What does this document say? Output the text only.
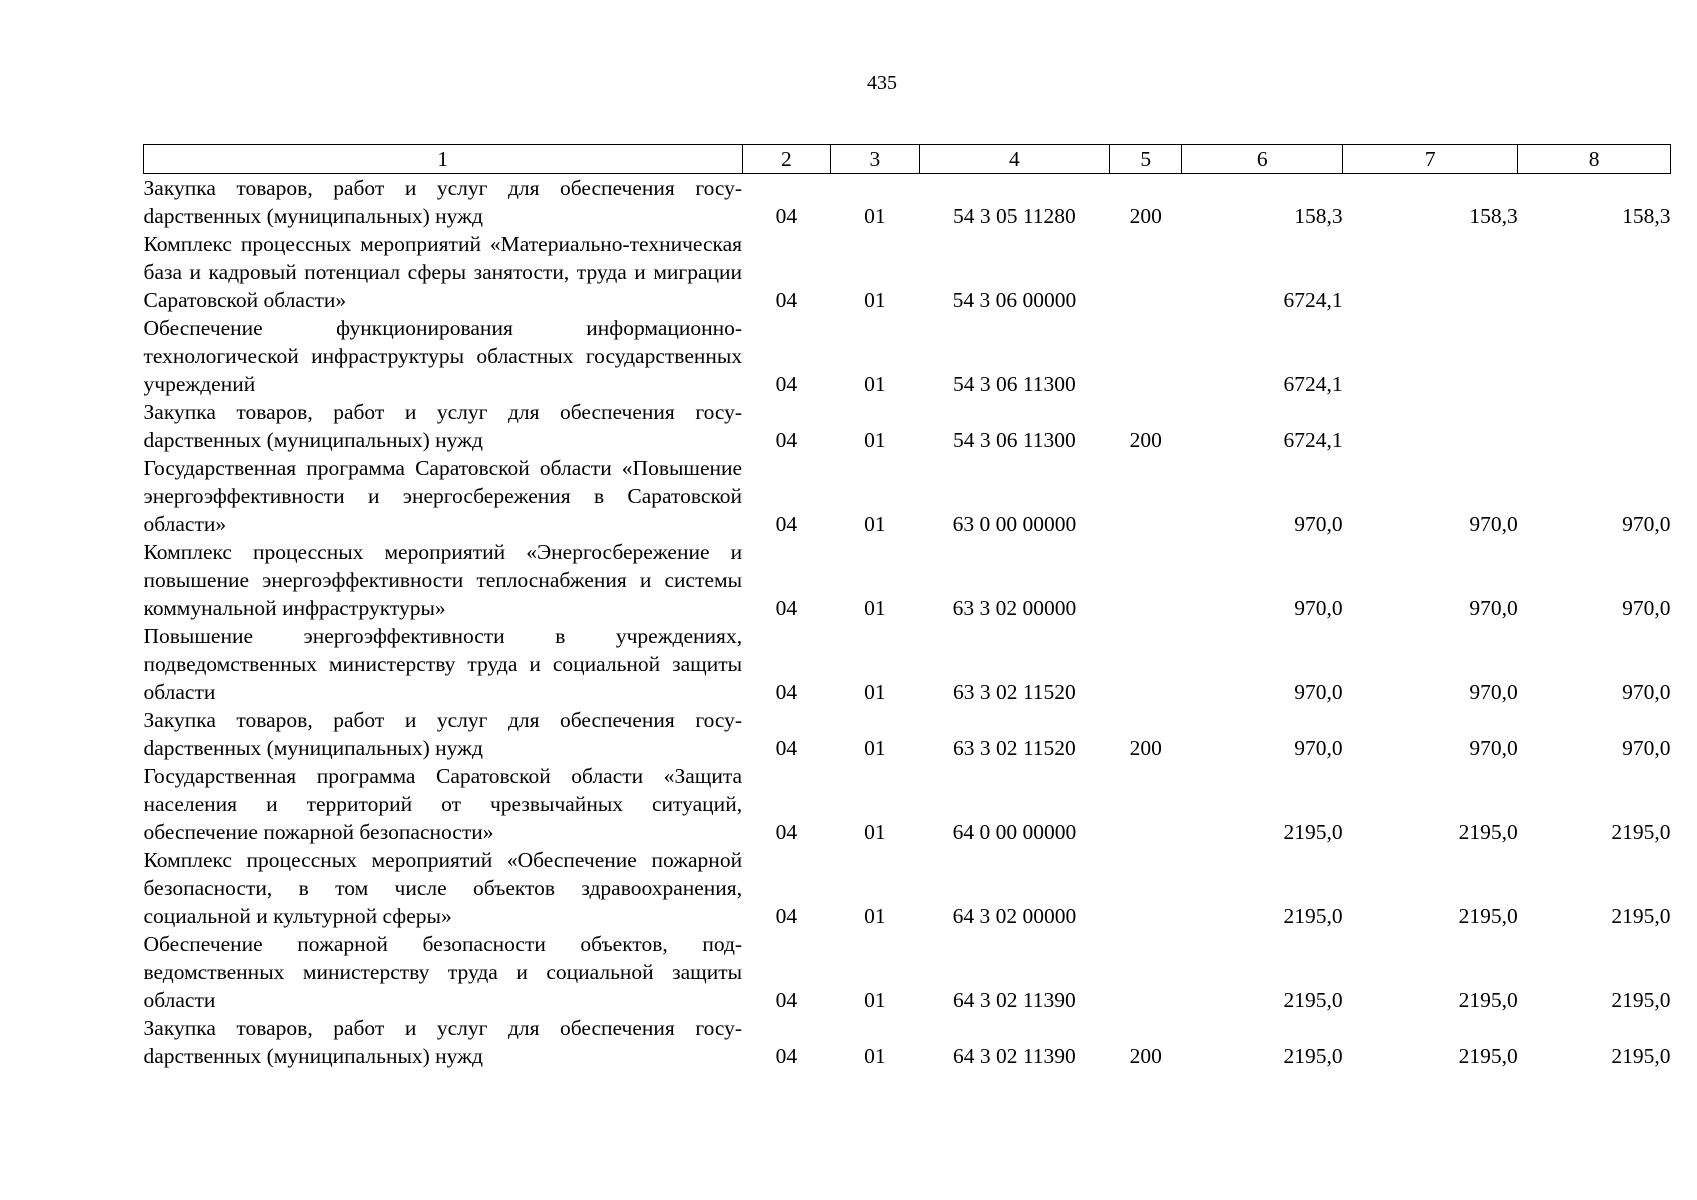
435
1	2	3	4	5	6	7	8
Закупка товаров, работ и услуг для обеспечения госуdарственных (муниципальных) нужд	04	01	54 3 05 11280	200	158,3	158,3	158,3
Комплекс процессных мероприятий «Материально-техническая база и кадровый потенциал сферы занятости, труда и миграции Саратовской области»	04	01	54 3 06 00000		6724,1		
Обеспечение функционирования информационно-технологической инфраструктуры областных государственных учреждений	04	01	54 3 06 11300		6724,1		
Закупка товаров, работ и услуг для обеспечения госуdарственных (муниципальных) нужд	04	01	54 3 06 11300	200	6724,1		
Государственная программа Саратовской области «Повышение энергоэффективности и энергосбережения в Саратовской области»	04	01	63 0 00 00000		970,0	970,0	970,0
Комплекс процессных мероприятий «Энергосбережение и повышение энергоэффективности теплоснабжения и системы коммунальной инфраструктуры»	04	01	63 3 02 00000		970,0	970,0	970,0
Повышение энергоэффективности в учреждениях, подведомственных министерству труда и социальной защиты области	04	01	63 3 02 11520		970,0	970,0	970,0
Закупка товаров, работ и услуг для обеспечения госуdарственных (муниципальных) нужд	04	01	63 3 02 11520	200	970,0	970,0	970,0
Государственная программа Саратовской области «Защита населения и территорий от чрезвычайных ситуаций, обеспечение пожарной безопасности»	04	01	64 0 00 00000		2195,0	2195,0	2195,0
Комплекс процессных мероприятий «Обеспечение пожарной безопасности, в том числе объектов здравоохранения, социальной и культурной сферы»	04	01	64 3 02 00000		2195,0	2195,0	2195,0
Обеспечение пожарной безопасности объектов, подведомственных министерству труда и социальной защиты области	04	01	64 3 02 11390		2195,0	2195,0	2195,0
Закупка товаров, работ и услуг для обеспечения госуdарственных (муниципальных) нужд	04	01	64 3 02 11390	200	2195,0	2195,0	2195,0
